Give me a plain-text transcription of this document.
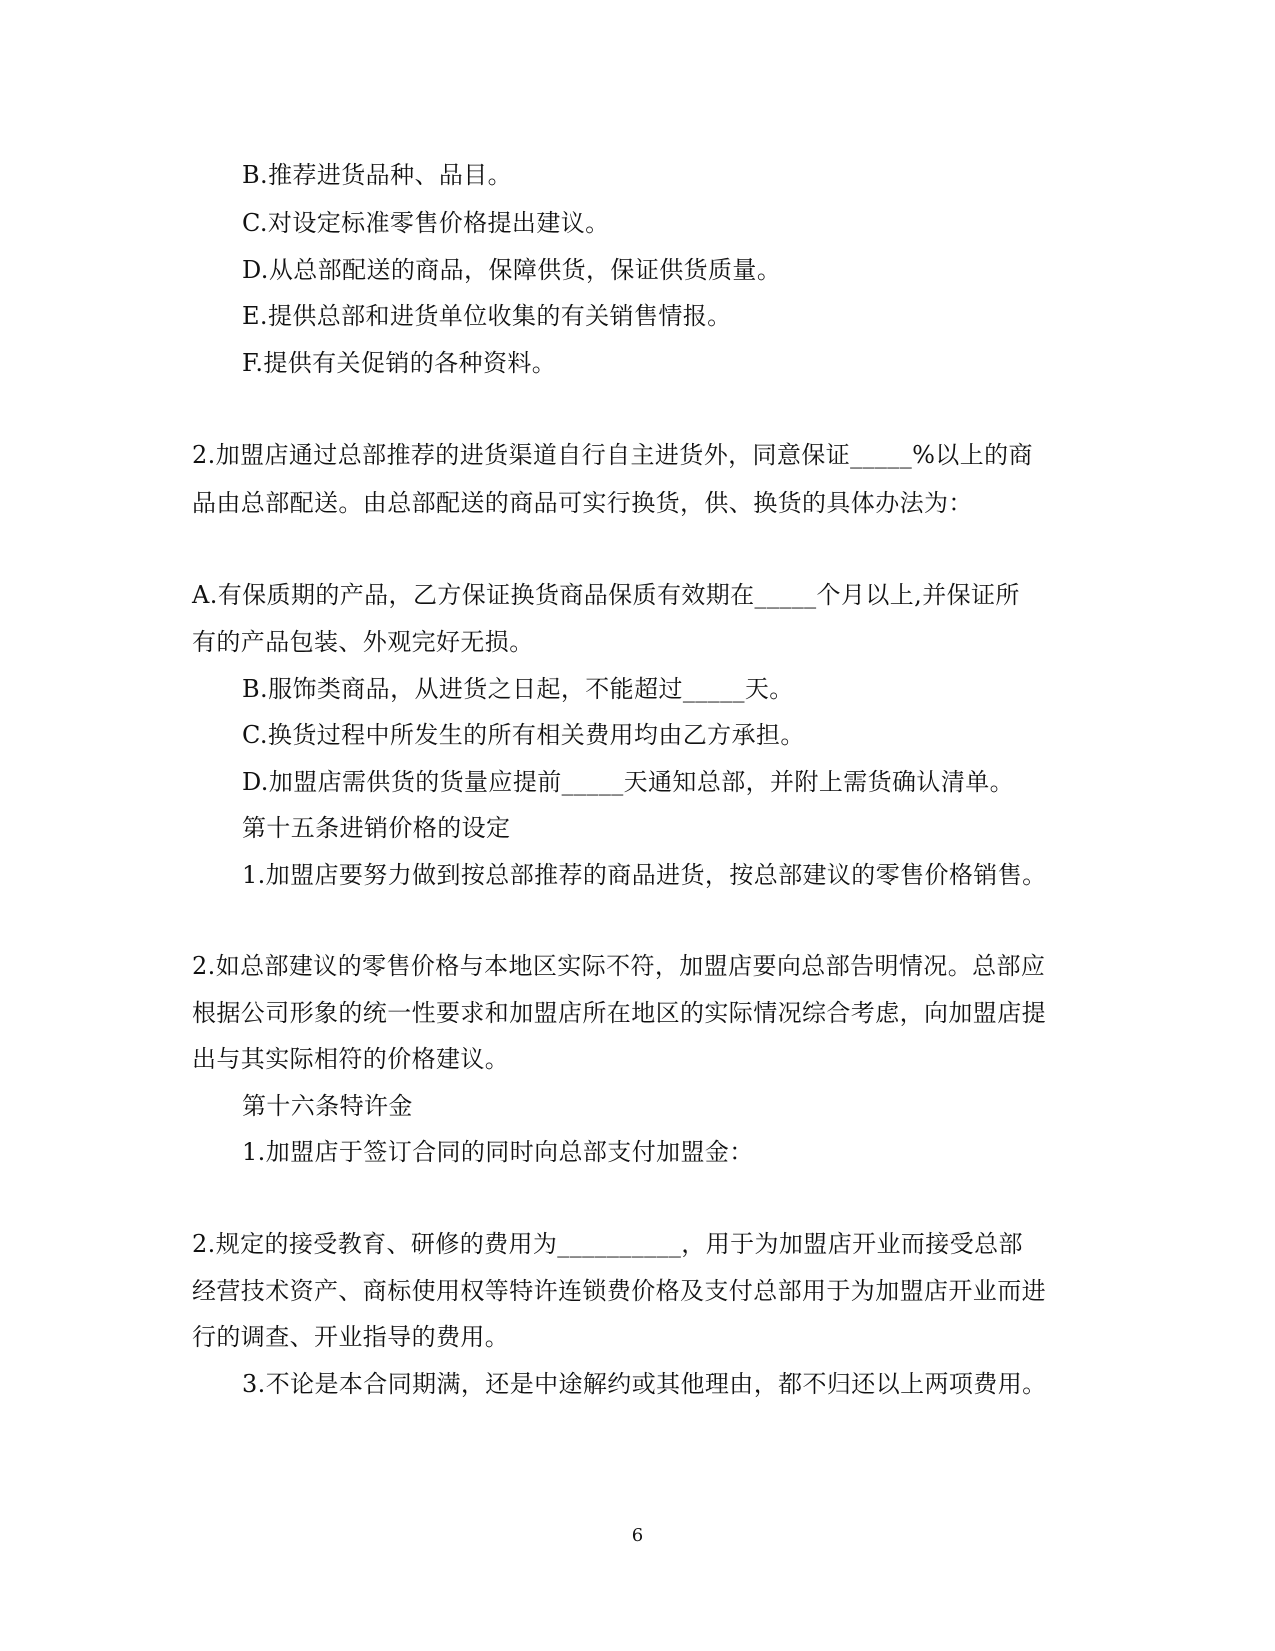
B.推荐进货品种、品目。
C.对设定标准零售价格提出建议。
D.从总部配送的商品，保障供货，保证供货质量。
E.提供总部和进货单位收集的有关销售情报。
F.提供有关促销的各种资料。
2.加盟店通过总部推荐的进货渠道自行自主进货外，同意保证_____%以上的商
品由总部配送。由总部配送的商品可实行换货，供、换货的具体办法为：
A.有保质期的产品，乙方保证换货商品保质有效期在_____个月以上,并保证所
有的产品包装、外观完好无损。
B.服饰类商品，从进货之日起，不能超过_____天。
C.换货过程中所发生的所有相关费用均由乙方承担。
D.加盟店需供货的货量应提前_____天通知总部，并附上需货确认清单。
第十五条进销价格的设定
1.加盟店要努力做到按总部推荐的商品进货，按总部建议的零售价格销售。
2.如总部建议的零售价格与本地区实际不符，加盟店要向总部告明情况。总部应
根据公司形象的统一性要求和加盟店所在地区的实际情况综合考虑，向加盟店提
出与其实际相符的价格建议。
第十六条特许金
1.加盟店于签订合同的同时向总部支付加盟金：
2.规定的接受教育、研修的费用为__________，用于为加盟店开业而接受总部
经营技术资产、商标使用权等特许连锁费价格及支付总部用于为加盟店开业而进
行的调查、开业指导的费用。
3.不论是本合同期满，还是中途解约或其他理由，都不归还以上两项费用。
6
